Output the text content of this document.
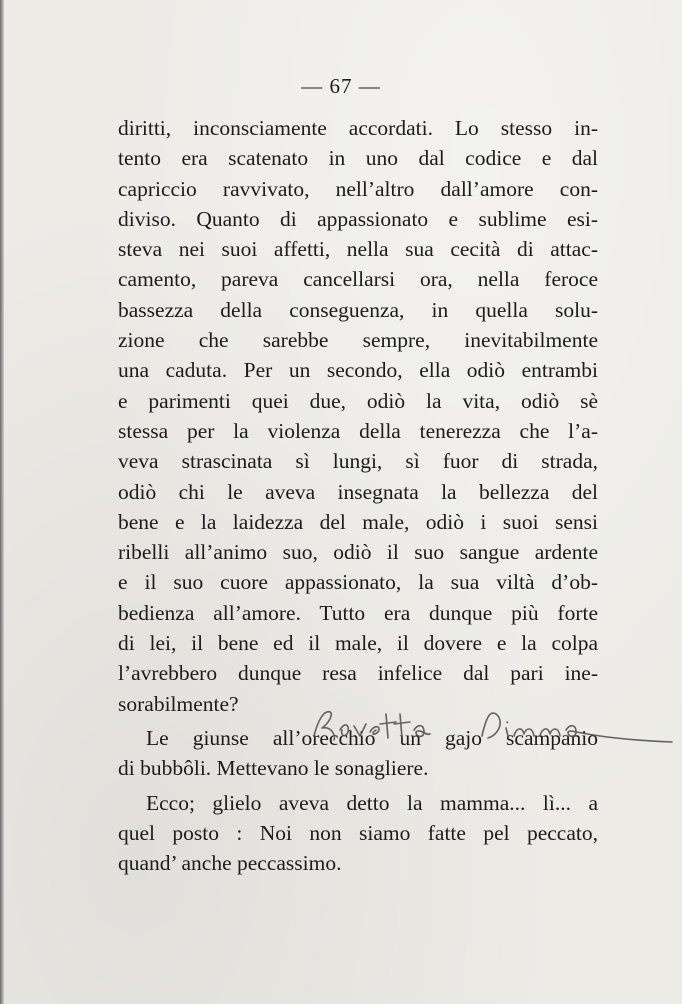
— 67 —
diritti, inconsciamente accordati. Lo stesso in-
tento era scatenato in uno dal codice e dal
capriccio ravvivato, nell’altro dall’amore con-
diviso. Quanto di appassionato e sublime esi-
steva nei suoi affetti, nella sua cecità di attac-
camento, pareva cancellarsi ora, nella feroce
bassezza della conseguenza, in quella solu-
zione che sarebbe sempre, inevitabilmente
una caduta. Per un secondo, ella odiò entrambi
e parimenti quei due, odiò la vita, odiò sè
stessa per la violenza della tenerezza che l’a-
veva strascinata sì lungi, sì fuor di strada,
odiò chi le aveva insegnata la bellezza del
bene e la laidezza del male, odiò i suoi sensi
ribelli all’animo suo, odiò il suo sangue ardente
e il suo cuore appassionato, la sua viltà d’ob-
bedienza all’amore. Tutto era dunque più forte
di lei, il bene ed il male, il dovere e la colpa
l’avrebbero dunque resa infelice dal pari ine-
sorabilmente?
Le giunse all’orecchio un gajo scampanio
di bubbôli. Mettevano le sonagliere.
Ecco; glielo aveva detto la mamma... lì... a
quel posto : Noi non siamo fatte pel peccato,
quand’ anche peccassimo.
